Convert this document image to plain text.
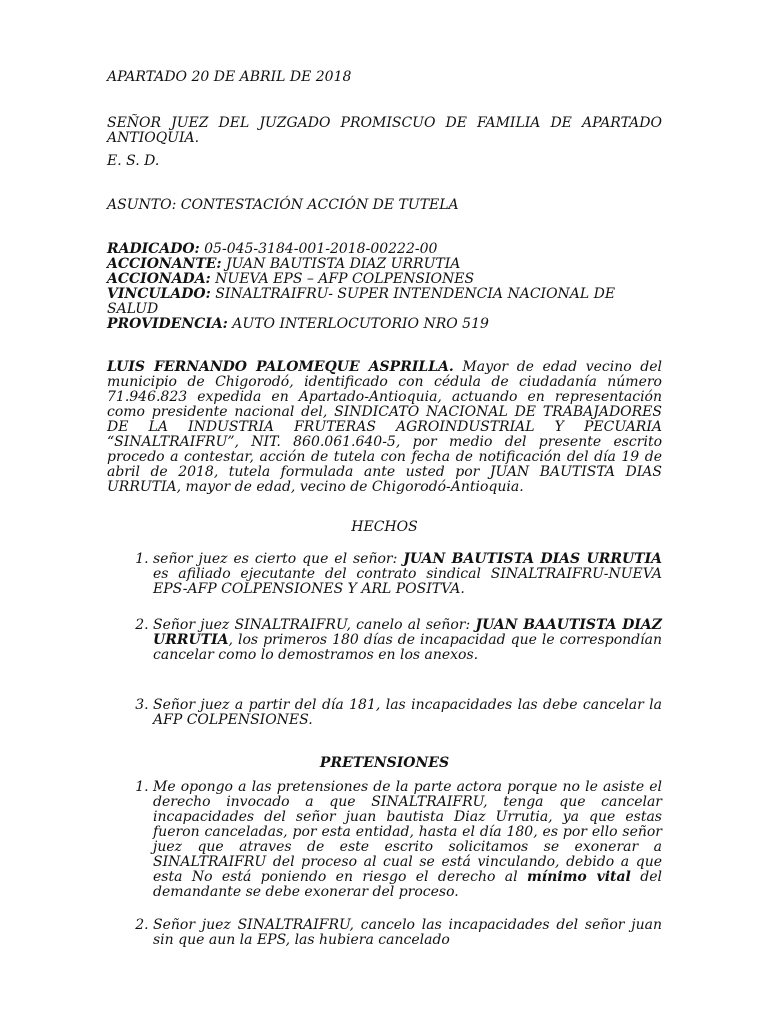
APARTADO 20 DE ABRIL DE 2018
SEÑOR JUEZ DEL JUZGADO PROMISCUO DE FAMILIA DE APARTADO ANTIOQUIA.
E. S. D.
ASUNTO: CONTESTACIÓN ACCIÓN DE TUTELA
RADICADO: 05-045-3184-001-2018-00222-00
ACCIONANTE: JUAN BAUTISTA DIAZ URRUTIA
ACCIONADA: NUEVA EPS – AFP COLPENSIONES
VINCULADO: SINALTRAIFRU- SUPER INTENDENCIA NACIONAL DE SALUD
PROVIDENCIA: AUTO INTERLOCUTORIO NRO 519
LUIS FERNANDO PALOMEQUE ASPRILLA. Mayor de edad vecino del municipio de Chigorodó, identificado con cédula de ciudadanía número 71.946.823 expedida en Apartado-Antioquia, actuando en representación como presidente nacional del, SINDICATO NACIONAL DE TRABAJADORES DE LA INDUSTRIA FRUTERAS AGROINDUSTRIAL Y PECUARIA “SINALTRAIFRU”, NIT. 860.061.640-5, por medio del presente escrito procedo a contestar, acción de tutela con fecha de notificación del día 19 de abril de 2018, tutela formulada ante usted por JUAN BAUTISTA DIAS URRUTIA, mayor de edad, vecino de Chigorodó-Antioquia.
HECHOS
1. señor juez es cierto que el señor: JUAN BAUTISTA DIAS URRUTIA es afiliado ejecutante del contrato sindical SINALTRAIFRU-NUEVA EPS-AFP COLPENSIONES Y ARL POSITVA.
2. Señor juez SINALTRAIFRU, canelo al señor: JUAN BAAUTISTA DIAZ URRUTIA, los primeros 180 días de incapacidad que le correspondían cancelar como lo demostramos en los anexos.
3. Señor juez a partir del día 181, las incapacidades las debe cancelar la AFP COLPENSIONES.
PRETENSIONES
1. Me opongo a las pretensiones de la parte actora porque no le asiste el derecho invocado a que SINALTRAIFRU, tenga que cancelar incapacidades del señor juan bautista Diaz Urrutia, ya que estas fueron canceladas, por esta entidad, hasta el día 180, es por ello señor juez que atraves de este escrito solicitamos se exonerar a SINALTRAIFRU del proceso al cual se está vinculando, debido a que esta No está poniendo en riesgo el derecho al mínimo vital del demandante se debe exonerar del proceso.
2. Señor juez SINALTRAIFRU, cancelo las incapacidades del señor juan sin que aun la EPS, las hubiera cancelado
